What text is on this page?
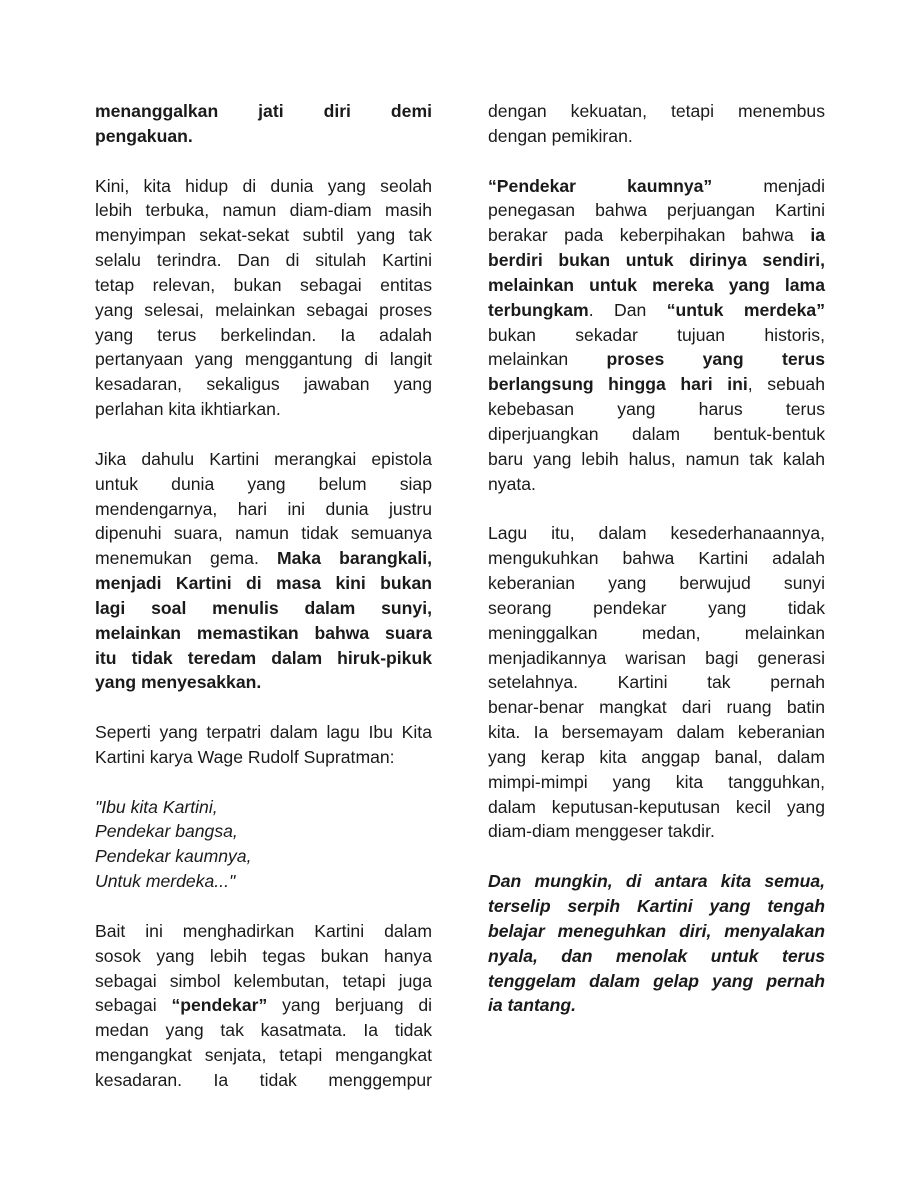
menanggalkan jati diri demi
pengakuan.
Kini, kita hidup di dunia yang seolah
lebih terbuka, namun diam-diam masih
menyimpan sekat-sekat subtil yang tak
selalu terindra. Dan di situlah Kartini
tetap relevan, bukan sebagai entitas
yang selesai, melainkan sebagai proses
yang terus berkelindan. Ia adalah
pertanyaan yang menggantung di langit
kesadaran, sekaligus jawaban yang
perlahan kita ikhtiarkan.
Jika dahulu Kartini merangkai epistola
untuk dunia yang belum siap
mendengarnya, hari ini dunia justru
dipenuhi suara, namun tidak semuanya
menemukan gema. Maka barangkali,
menjadi Kartini di masa kini bukan
lagi soal menulis dalam sunyi,
melainkan memastikan bahwa suara
itu tidak teredam dalam hiruk-pikuk
yang menyesakkan.
Seperti yang terpatri dalam lagu Ibu Kita
Kartini karya Wage Rudolf Supratman:
"Ibu kita Kartini,
Pendekar bangsa,
Pendekar kaumnya,
Untuk merdeka..."
Bait ini menghadirkan Kartini dalam
sosok yang lebih tegas bukan hanya
sebagai simbol kelembutan, tetapi juga
sebagai “pendekar” yang berjuang di
medan yang tak kasatmata. Ia tidak
mengangkat senjata, tetapi mengangkat
kesadaran. Ia tidak menggempur
dengan kekuatan, tetapi menembus
dengan pemikiran.
“Pendekar kaumnya”	menjadi
penegasan bahwa perjuangan Kartini
berakar pada keberpihakan bahwa ia
berdiri bukan untuk dirinya sendiri,
melainkan untuk mereka yang lama
terbungkam. Dan “untuk merdeka”
bukan sekadar tujuan historis,
melainkan proses yang terus
berlangsung hingga hari ini, sebuah
kebebasan yang harus terus
diperjuangkan dalam bentuk-bentuk
baru yang lebih halus, namun tak kalah
nyata.
Lagu itu, dalam kesederhanaannya,
mengukuhkan bahwa Kartini adalah
keberanian yang berwujud sunyi
seorang pendekar yang tidak
meninggalkan medan, melainkan
menjadikannya warisan bagi generasi
setelahnya. Kartini tak pernah
benar-benar mangkat dari ruang batin
kita. Ia bersemayam dalam keberanian
yang kerap kita anggap banal, dalam
mimpi-mimpi yang kita tangguhkan,
dalam keputusan-keputusan kecil yang
diam-diam menggeser takdir.
Dan mungkin, di antara kita semua,
terselip serpih Kartini yang tengah
belajar meneguhkan diri, menyalakan
nyala, dan menolak untuk terus
tenggelam dalam gelap yang pernah
ia tantang.
